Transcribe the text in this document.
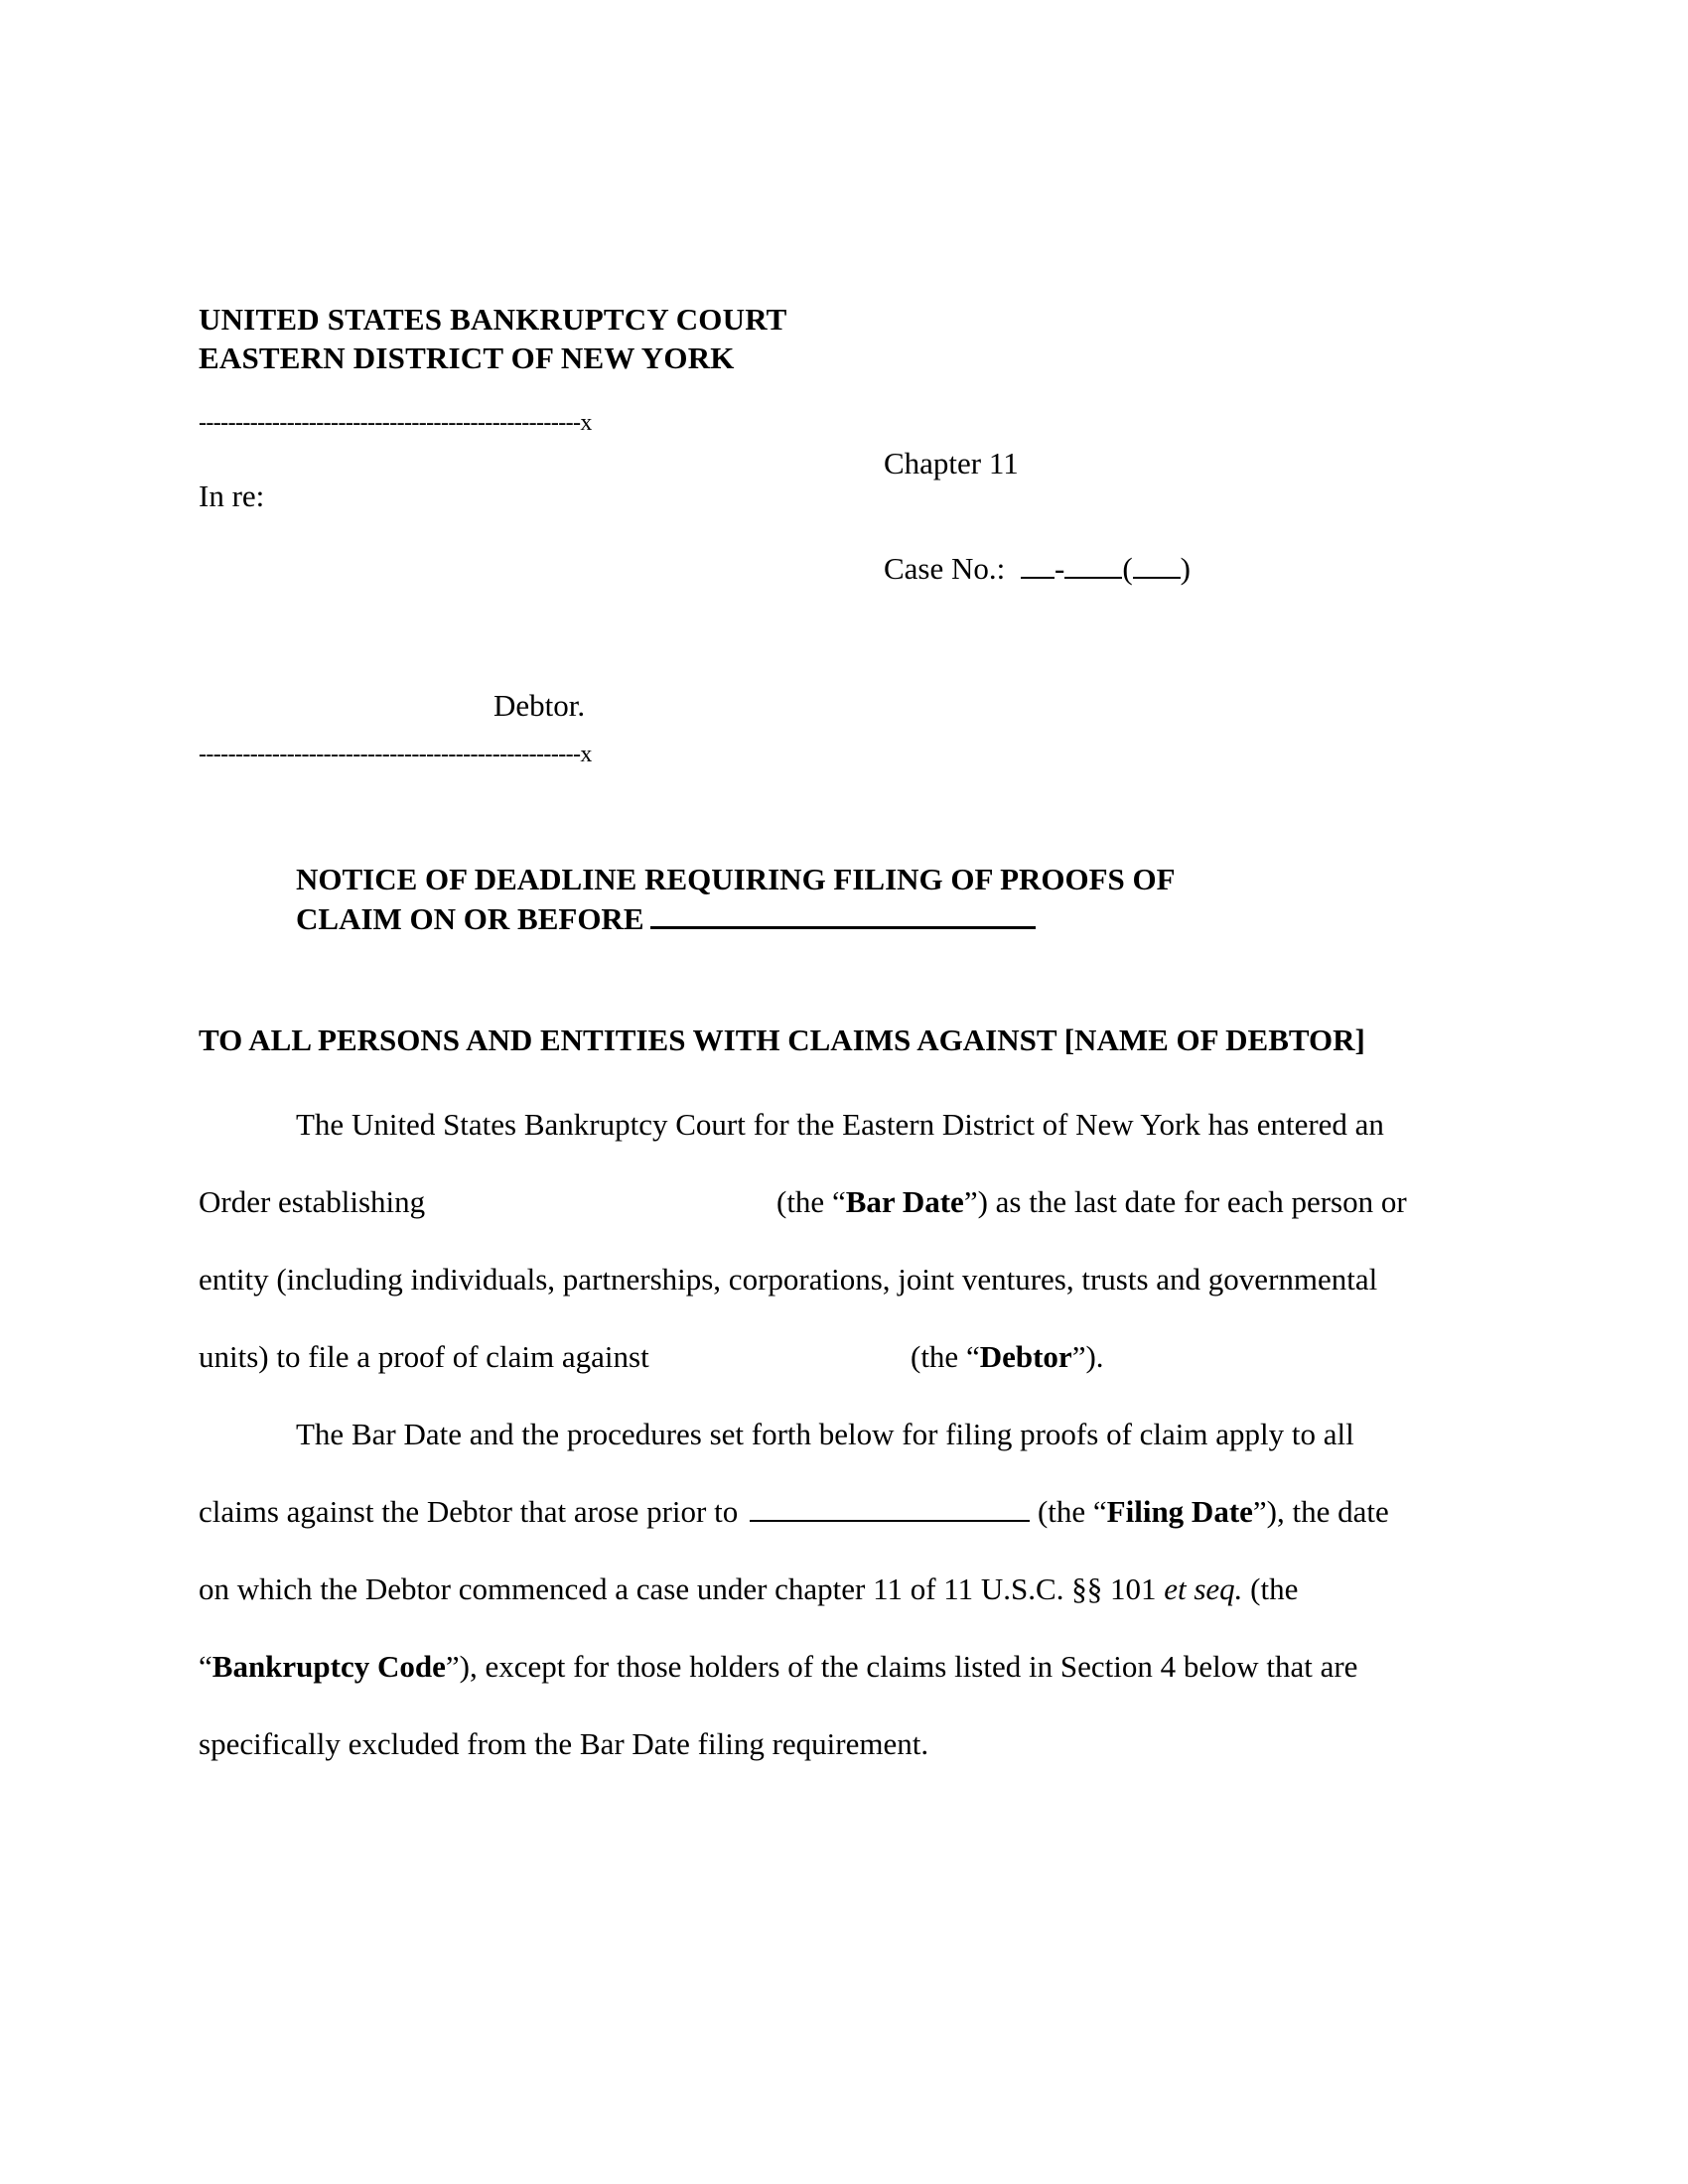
UNITED STATES BANKRUPTCY COURT
EASTERN DISTRICT OF NEW YORK
----------------------------------------------------x
Chapter 11
In re:
Case No.: - ( )
Debtor.
----------------------------------------------------x
NOTICE OF DEADLINE REQUIRING FILING OF PROOFS OF
CLAIM ON OR BEFORE
TO ALL PERSONS AND ENTITIES WITH CLAIMS AGAINST [NAME OF DEBTOR]
The United States Bankruptcy Court for the Eastern District of New York has entered an
Order establishing	(the “Bar Date”) as the last date for each person or
entity (including individuals, partnerships, corporations, joint ventures, trusts and governmental
units) to file a proof of claim against	(the “Debtor”).
The Bar Date and the procedures set forth below for filing proofs of claim apply to all
claims against the Debtor that arose prior to	(the “Filing Date”), the date
on which the Debtor commenced a case under chapter 11 of 11 U.S.C. §§ 101 et seq. (the
“Bankruptcy Code”), except for those holders of the claims listed in Section 4 below that are
specifically excluded from the Bar Date filing requirement.
